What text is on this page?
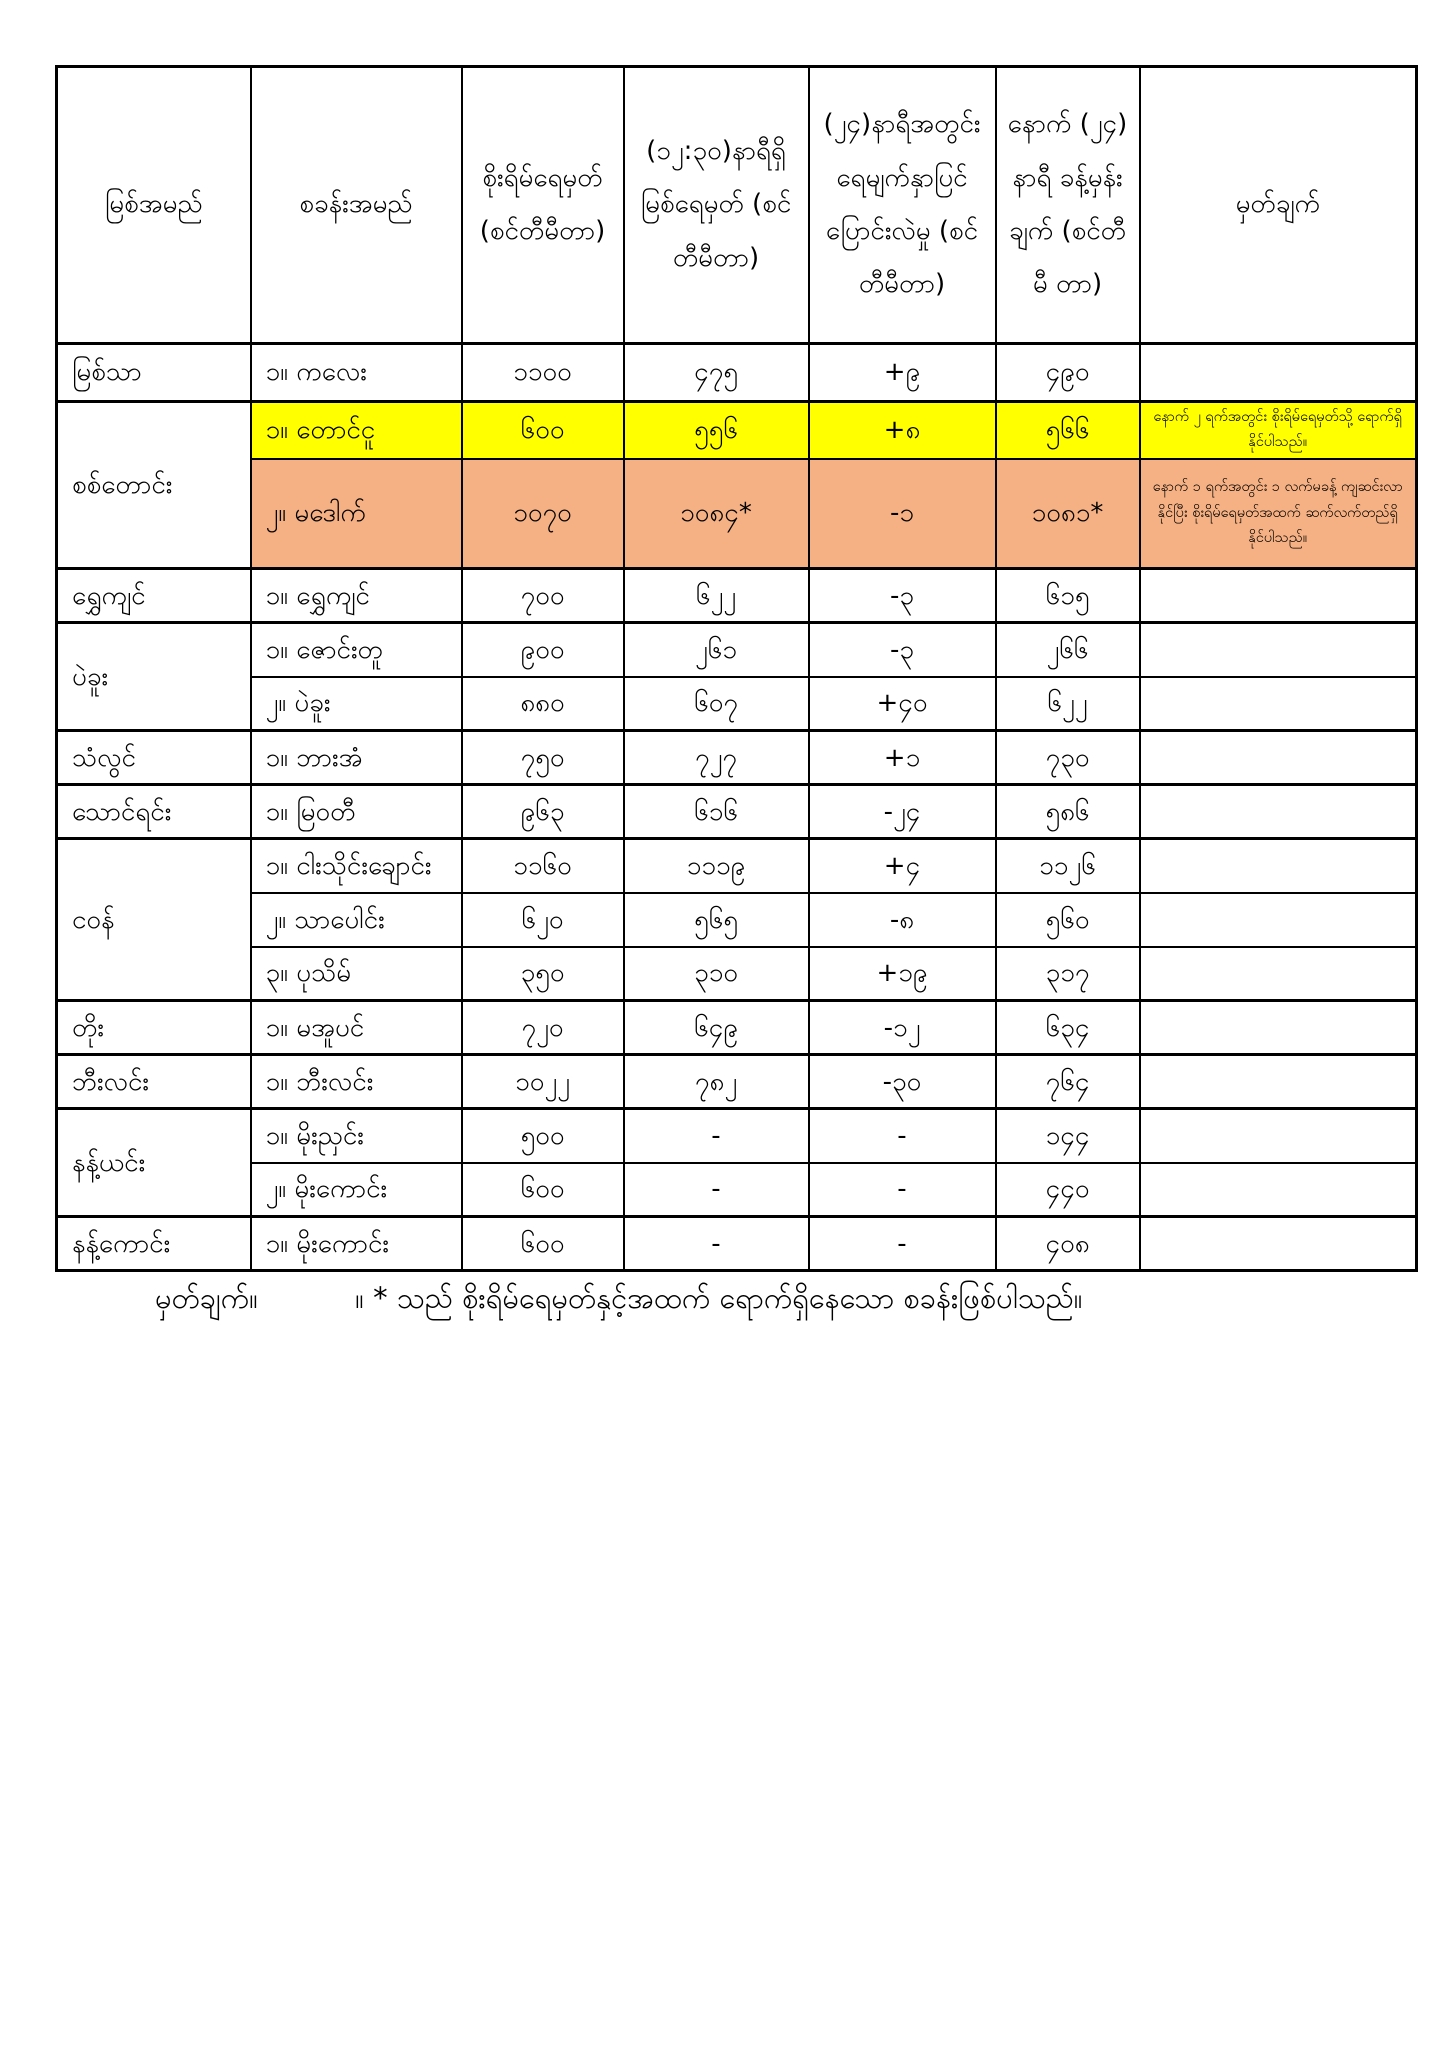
မြစ်အမည်	စခန်းအမည်	စိုးရိမ်ရေမှတ် (စင်တီမီတာ)	(၁၂:၃၀)နာရီရှိ မြစ်ရေမှတ် (စင်တီမီတာ)	(၂၄)နာရီအတွင်း ရေမျက်နှာပြင် ပြောင်းလဲမှု (စင်တီမီတာ)	နောက် (၂၄) နာရီ ခန့်မှန်းချက် (စင်တီမီ တာ)	မှတ်ချက်
မြစ်သာ	၁။ ကလေး	၁၁၀၀	၄၇၅	+၉	၄၉၀	
စစ်တောင်း	၁။ တောင်ငူ	၆၀၀	၅၅၆	+၈	၅၆၆	နောက် ၂ ရက်အတွင်း စိုးရိမ်ရေမှတ်သို့ ရောက်ရှိနိုင်ပါသည်။
	၂။ မဒေါက်	၁၀၇၀	၁၀၈၄*	-၁	၁၀၈၁*	နောက် ၁ ရက်အတွင်း ၁ လက်မခန့် ကျဆင်းလာနိုင်ပြီး စိုးရိမ်ရေမှတ်အထက် ဆက်လက်တည်ရှိနိုင်ပါသည်။
ရွှေကျင်	၁။ ရွှေကျင်	၇၀၀	၆၂၂	-၃	၆၁၅	
ပဲခူး	၁။ ဇောင်းတူ	၉၀၀	၂၆၁	-၃	၂၆၆	
	၂။ ပဲခူး	၈၈၀	၆၀၇	+၄၀	၆၂၂	
သံလွင်	၁။ ဘားအံ	၇၅၀	၇၂၇	+၁	၇၃၀	
သောင်ရင်း	၁။ မြဝတီ	၉၆၃	၆၁၆	-၂၄	၅၈၆	
ငဝန်	၁။ ငါးသိုင်းချောင်း	၁၁၆၀	၁၁၁၉	+၄	၁၁၂၆	
	၂။ သာပေါင်း	၆၂၀	၅၆၅	-၈	၅၆၀	
	၃။ ပုသိမ်	၃၅၀	၃၁၀	+၁၉	၃၁၇	
တိုး	၁။ မအူပင်	၇၂၀	၆၄၉	-၁၂	၆၃၄	
ဘီးလင်း	၁။ ဘီးလင်း	၁၀၂၂	၇၈၂	-၃၀	၇၆၄	
နန့်ယင်း	၁။ မိုးညှင်း	၅၀၀	-	-	၁၄၄	
	၂။ မိုးကောင်း	၆၀၀	-	-	၄၄၀	
နန့်ကောင်း	၁။ မိုးကောင်း	၆၀၀	-	-	၄၀၈	
မှတ်ချက်။	။ * သည် စိုးရိမ်ရေမှတ်နှင့်အထက် ရောက်ရှိနေသော စခန်းဖြစ်ပါသည်။
